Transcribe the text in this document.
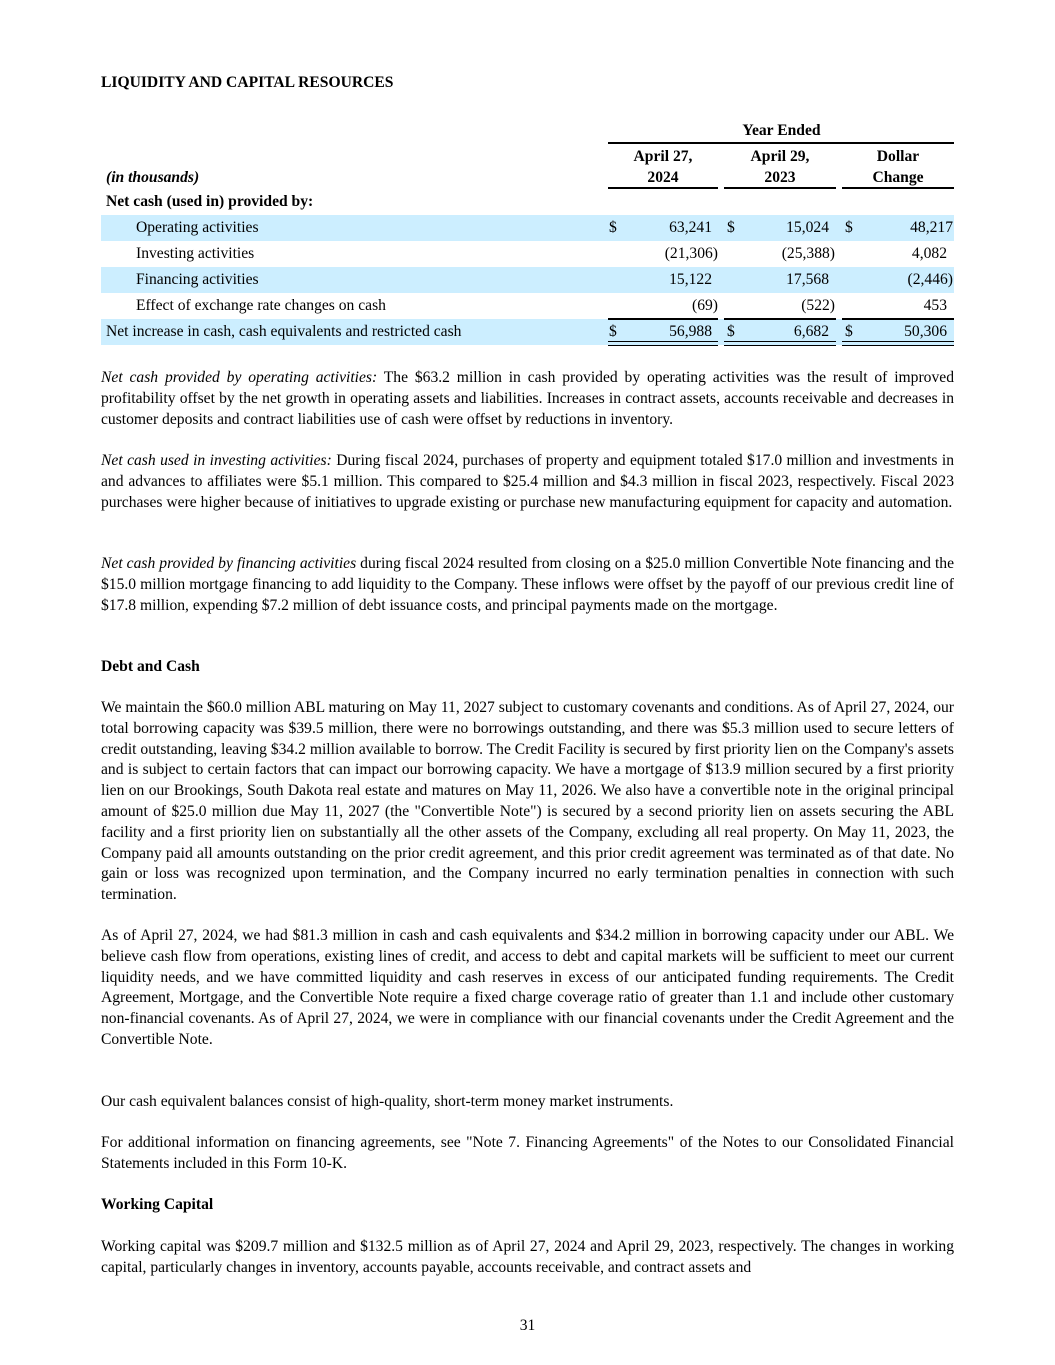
LIQUIDITY AND CAPITAL RESOURCES
Year Ended
April 27,
2024
April 29,
2023
Dollar
Change
(in thousands)
Net cash (used in) provided by:
Operating activities	$	63,241 $	15,024	$	48,217
Investing activities	(21,306)	(25,388)	4,082
Financing activities	15,122	17,568	(2,446)
Effect of exchange rate changes on cash	(69)	(522)	453
Net increase in cash, cash equivalents and restricted cash	$	56,988 $	6,682	$	50,306

Net cash provided by operating activities: The $63.2 million in cash provided by operating activities was the result of improved profitability offset by the net growth in operating assets and liabilities. Increases in contract assets, accounts receivable and decreases in customer deposits and contract liabilities use of cash were offset by reductions in inventory.

Net cash used in investing activities: During fiscal 2024, purchases of property and equipment totaled $17.0 million and investments in and advances to affiliates were $5.1 million. This compared to $25.4 million and $4.3 million in fiscal 2023, respectively. Fiscal 2023 purchases were higher because of initiatives to upgrade existing or purchase new manufacturing equipment for capacity and automation.

Net cash provided by financing activities during fiscal 2024 resulted from closing on a $25.0 million Convertible Note financing and the $15.0 million mortgage financing to add liquidity to the Company. These inflows were offset by the payoff of our previous credit line of $17.8 million, expending $7.2 million of debt issuance costs, and principal payments made on the mortgage.

Debt and Cash

We maintain the $60.0 million ABL maturing on May 11, 2027 subject to customary covenants and conditions. As of April 27, 2024, our total borrowing capacity was $39.5 million, there were no borrowings outstanding, and there was $5.3 million used to secure letters of credit outstanding, leaving $34.2 million available to borrow. The Credit Facility is secured by first priority lien on the Company's assets and is subject to certain factors that can impact our borrowing capacity. We have a mortgage of $13.9 million secured by a first priority lien on our Brookings, South Dakota real estate and matures on May 11, 2026. We also have a convertible note in the original principal amount of $25.0 million due May 11, 2027 (the "Convertible Note") is secured by a second priority lien on assets securing the ABL facility and a first priority lien on substantially all the other assets of the Company, excluding all real property. On May 11, 2023, the Company paid all amounts outstanding on the prior credit agreement, and this prior credit agreement was terminated as of that date. No gain or loss was recognized upon termination, and the Company incurred no early termination penalties in connection with such termination.

As of April 27, 2024, we had $81.3 million in cash and cash equivalents and $34.2 million in borrowing capacity under our ABL. We believe cash flow from operations, existing lines of credit, and access to debt and capital markets will be sufficient to meet our current liquidity needs, and we have committed liquidity and cash reserves in excess of our anticipated funding requirements. The Credit Agreement, Mortgage, and the Convertible Note require a fixed charge coverage ratio of greater than 1.1 and include other customary non-financial covenants. As of April 27, 2024, we were in compliance with our financial covenants under the Credit Agreement and the Convertible Note.

Our cash equivalent balances consist of high-quality, short-term money market instruments.

For additional information on financing agreements, see "Note 7. Financing Agreements" of the Notes to our Consolidated Financial Statements included in this Form 10-K.

Working Capital

Working capital was $209.7 million and $132.5 million as of April 27, 2024 and April 29, 2023, respectively. The changes in working capital, particularly changes in inventory, accounts payable, accounts receivable, and contract assets and

31
